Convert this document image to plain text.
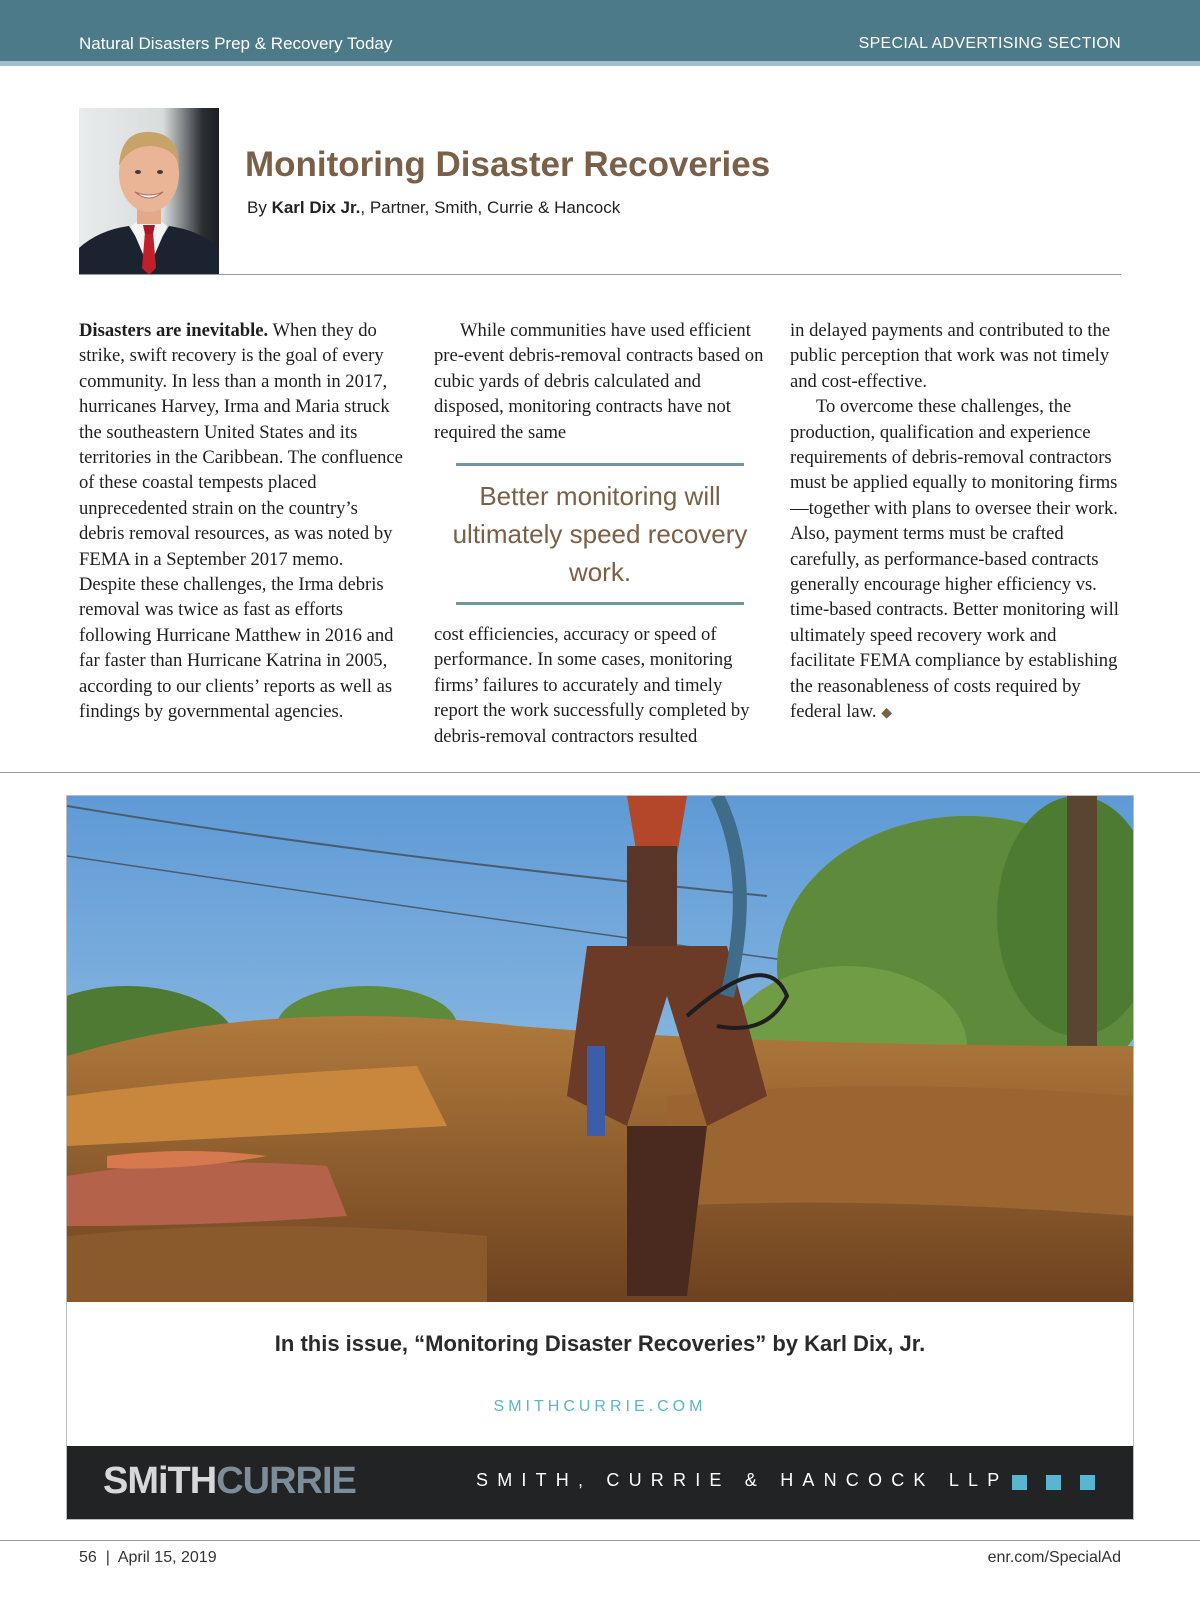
Natural Disasters Prep & Recovery Today	SPECIAL ADVERTISING SECTION
Monitoring Disaster Recoveries
By Karl Dix Jr., Partner, Smith, Currie & Hancock

Disasters are inevitable. When they do strike, swift recovery is the goal of every community. In less than a month in 2017, hurricanes Harvey, Irma and Maria struck the southeastern United States and its territories in the Caribbean. The confluence of these coastal tempests placed unprecedented strain on the country’s debris removal resources, as was noted by FEMA in a September 2017 memo. Despite these challenges, the Irma debris removal was twice as fast as efforts following Hurricane Matthew in 2016 and far faster than Hurricane Katrina in 2005, according to our clients’ reports as well as findings by governmental agencies.

While communities have used efficient pre-event debris-removal contracts based on cubic yards of debris calculated and disposed, monitoring contracts have not required the same

Better monitoring will ultimately speed recovery work.
cost efficiencies, accuracy or speed of performance. In some cases, monitoring firms’ failures to accurately and timely report the work successfully completed by debris-removal contractors resulted

in delayed payments and contributed to the public perception that work was not timely and cost-effective.

To overcome these challenges, the production, qualification and experience requirements of debris-removal contractors must be applied equally to monitoring firms—together with plans to oversee their work. Also, payment terms must be crafted carefully, as performance-based contracts generally encourage higher efficiency vs. time-based contracts. Better monitoring will ultimately speed recovery work and facilitate FEMA compliance by establishing the reasonableness of costs required by federal law. ◆

In this issue, “Monitoring Disaster Recoveries” by Karl Dix, Jr.
SMITHCURRIE.COM
SMiTHCURRIE	SMITH, CURRIE & HANCOCK LLP
56  |  April 15, 2019	enr.com/SpecialAd
